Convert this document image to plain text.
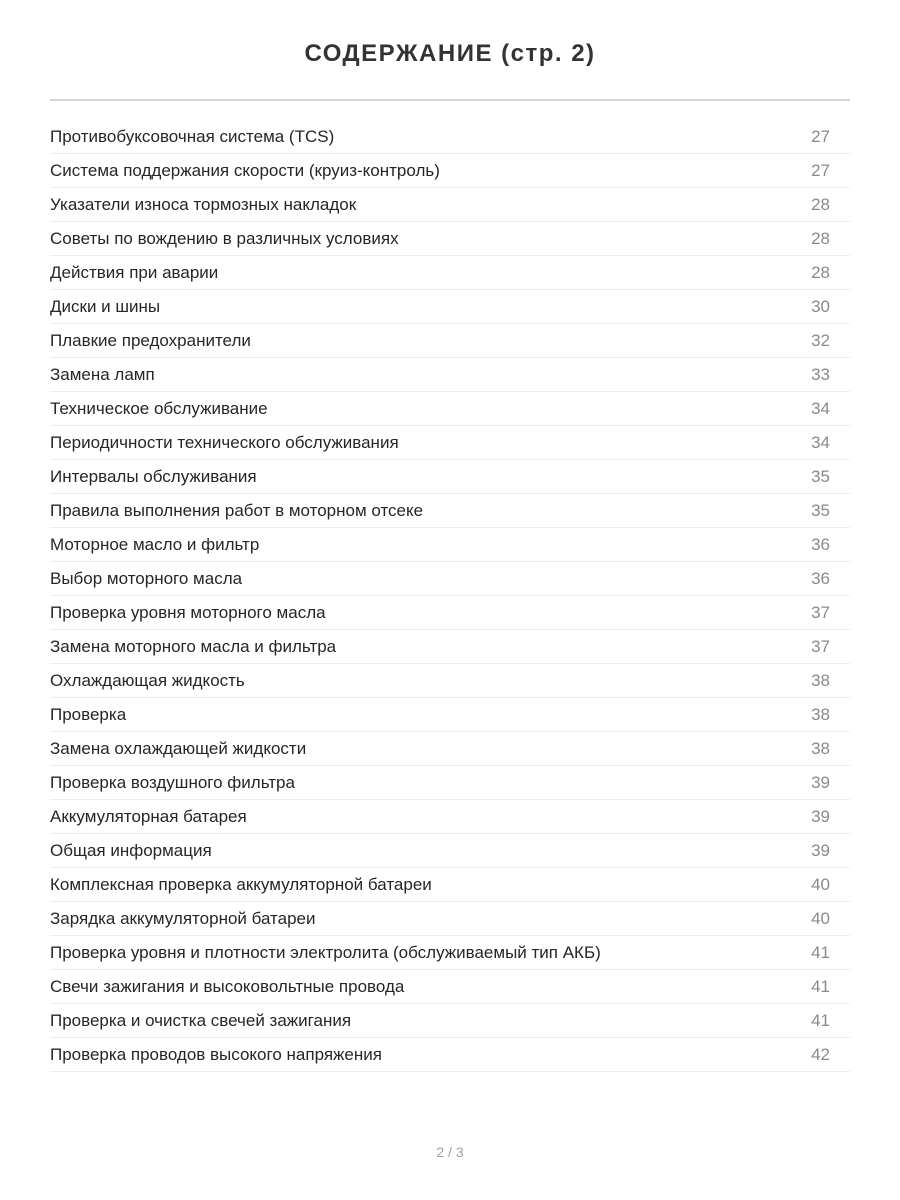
СОДЕРЖАНИЕ (стр. 2)
Противобуксовочная система (TCS)	27
Система поддержания скорости (круиз-контроль)	27
Указатели износа тормозных накладок	28
Советы по вождению в различных условиях	28
Действия при аварии	28
Диски и шины	30
Плавкие предохранители	32
Замена ламп	33
Техническое обслуживание	34
Периодичности технического обслуживания	34
Интервалы обслуживания	35
Правила выполнения работ в моторном отсеке	35
Моторное масло и фильтр	36
Выбор моторного масла	36
Проверка уровня моторного масла	37
Замена моторного масла и фильтра	37
Охлаждающая жидкость	38
Проверка	38
Замена охлаждающей жидкости	38
Проверка воздушного фильтра	39
Аккумуляторная батарея	39
Общая информация	39
Комплексная проверка аккумуляторной батареи	40
Зарядка аккумуляторной батареи	40
Проверка уровня и плотности электролита (обслуживаемый тип АКБ)	41
Свечи зажигания и высоковольтные провода	41
Проверка и очистка свечей зажигания	41
Проверка проводов высокого напряжения	42
2 / 3
